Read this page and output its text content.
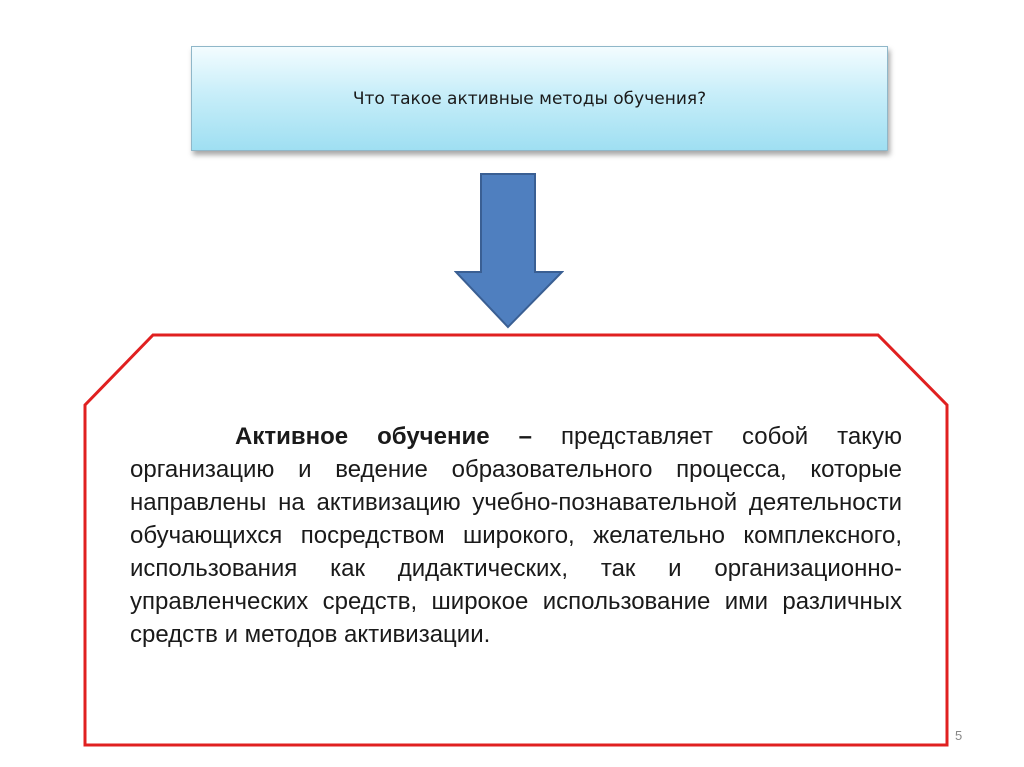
Что такое активные методы обучения?

Активное обучение – представляет собой такую организацию и ведение образовательного процесса, которые направлены на активизацию учебно-познавательной деятельности обучающихся посредством широкого, желательно комплексного, использования как дидактических, так и организационно-управленческих средств, широкое использование ими различных средств и методов активизации.

5
